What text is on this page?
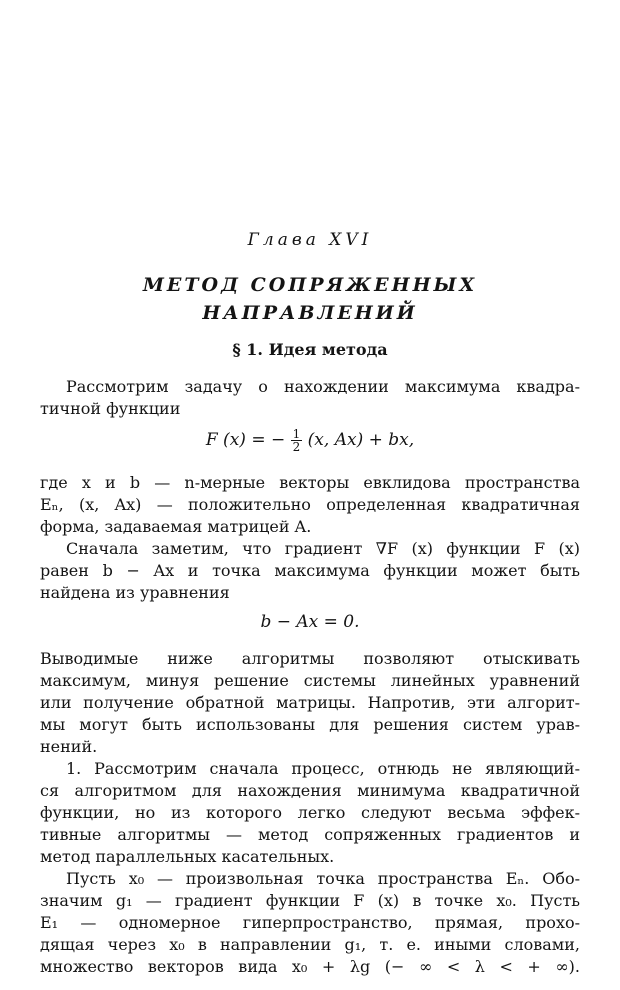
Глава XVI
МЕТОД СОПРЯЖЕННЫХ
НАПРАВЛЕНИЙ
§ 1. Идея метода
Рассмотрим задачу о нахождении максимума квадра-
тичной функции
F (x) = − $\frac{1}{2} (x$, Ax) + bx,
где x и b — n-мерные векторы евклидова пространства
Eₙ, (x, Ax) — положительно определенная квадратичная
форма, задаваемая матрицей A.
Сначала заметим, что градиент ∇F (x) функции F (x)
равен b − Ax и точка максимума функции может быть
найдена из уравнения
b − Ax = 0.
Выводимые ниже алгоритмы позволяют отыскивать
максимум, минуя решение системы линейных уравнений
или получение обратной матрицы. Напротив, эти алгорит-
мы могут быть использованы для решения систем урав-
нений.
1. Рассмотрим сначала процесс, отнюдь не являющий-
ся алгоритмом для нахождения минимума квадратичной
функции, но из которого легко следуют весьма эффек-
тивные алгоритмы — метод сопряженных градиентов и
метод параллельных касательных.
Пусть x₀ — произвольная точка пространства Eₙ. Обо-
значим g₁ — градиент функции F (x) в точке x₀. Пусть
E₁ — одномерное гиперпространство, прямая, прохо-
дящая через x₀ в направлении g₁, т. е. иными словами,
множество векторов вида x₀ + λg (− ∞ < λ < + ∞).
